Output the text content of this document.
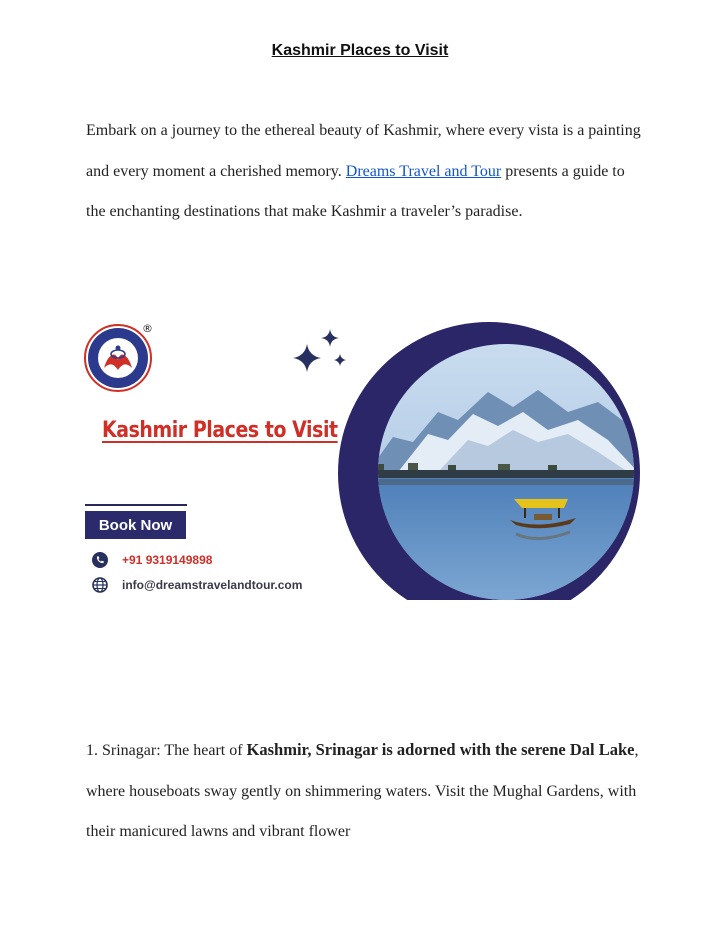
Kashmir Places to Visit
Embark on a journey to the ethereal beauty of Kashmir, where every vista is a painting and every moment a cherished memory. Dreams Travel and Tour presents a guide to the enchanting destinations that make Kashmir a traveler’s paradise.
®
Kashmir Places to Visit
Book Now
+91 9319149898
info@dreamstravelandtour.com
1. Srinagar: The heart of Kashmir, Srinagar is adorned with the serene Dal Lake, where houseboats sway gently on shimmering waters. Visit the Mughal Gardens, with their manicured lawns and vibrant flower
